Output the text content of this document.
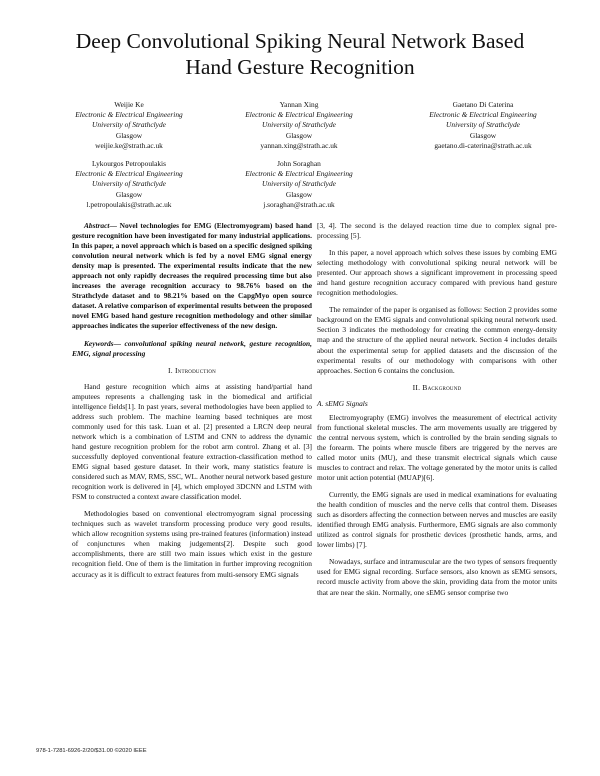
Deep Convolutional Spiking Neural Network Based
Hand Gesture Recognition
Weijie Ke
Electronic & Electrical Engineering
University of Strathclyde
Glasgow
weijie.ke@strath.ac.uk
Yannan Xing
Electronic & Electrical Engineering
University of Strathclyde
Glasgow
yannan.xing@strath.ac.uk
Gaetano Di Caterina
Electronic & Electrical Engineering
University of Strathclyde
Glasgow
gaetano.di-caterina@strath.ac.uk
Lykourgos Petropoulakis
Electronic & Electrical Engineering
University of Strathclyde
Glasgow
l.petropoulakis@strath.ac.uk
John Soraghan
Electronic & Electrical Engineering
University of Strathclyde
Glasgow
j.soraghan@strath.ac.uk

Abstract— Novel technologies for EMG (Electromyogram) based hand gesture recognition have been investigated for many industrial applications. In this paper, a novel approach which is based on a specific designed spiking convolution neural network which is fed by a novel EMG signal energy density map is presented. The experimental results indicate that the new approach not only rapidly decreases the required processing time but also increases the average recognition accuracy to 98.76% based on the Strathclyde dataset and to 98.21% based on the CapgMyo open source dataset. A relative comparison of experimental results between the proposed novel EMG based hand gesture recognition methodology and other similar approaches indicates the superior effectiveness of the new design.

Keywords— convolutional spiking neural network, gesture recognition, EMG, signal processing

I. Introduction

Hand gesture recognition which aims at assisting hand/partial hand amputees represents a challenging task in the biomedical and artificial intelligence fields[1]. In past years, several methodologies have been applied to address such problem. The machine learning based techniques are most commonly used for this task. Luan et al. [2] presented a LRCN deep neural network which is a combination of LSTM and CNN to address the dynamic hand gesture recognition problem for the robot arm control. Zhang et al. [3] successfully deployed conventional feature extraction-classification method to EMG signal based gesture dataset. In their work, many statistics feature is considered such as MAV, RMS, SSC, WL. Another neural network based gesture recognition work is delivered in [4], which employed 3DCNN and LSTM with FSM to constructed a context aware classification model.

Methodologies based on conventional electromyogram signal processing techniques such as wavelet transform processing produce very good results, which allow recognition systems using pre-trained features (information) instead of conjunctures when making judgements[2]. Despite such good accomplishments, there are still two main issues which exist in the gesture recognition field. One of them is the limitation in further improving recognition accuracy as it is difficult to extract features from multi-sensory EMG signals

[3, 4]. The second is the delayed reaction time due to complex signal pre-processing [5].

In this paper, a novel approach which solves these issues by combing EMG selecting methodology with convolutional spiking neural network will be presented. Our approach shows a significant improvement in processing speed and hand gesture recognition accuracy compared with previous hand gesture recognition methodologies.

The remainder of the paper is organised as follows: Section 2 provides some background on the EMG signals and convolutional spiking neural network used. Section 3 indicates the methodology for creating the common energy-density map and the structure of the applied neural network. Section 4 includes details about the experimental setup for applied datasets and the discussion of the experimental results of our methodology with comparisons with other approaches. Section 6 contains the conclusion.

II. Background
A. sEMG Signals

Electromyography (EMG) involves the measurement of electrical activity from functional skeletal muscles. The arm movements usually are triggered by the central nervous system, which is controlled by the brain sending signals to the forearm. The points where muscle fibers are triggered by the nerves are called motor units (MU), and these transmit electrical signals which cause muscles to contract and relax. The voltage generated by the motor units is called motor unit action potential (MUAP)[6].

Currently, the EMG signals are used in medical examinations for evaluating the health condition of muscles and the nerve cells that control them. Diseases such as disorders affecting the connection between nerves and muscles are easily identified through EMG analysis. Furthermore, EMG signals are also commonly utilized as control signals for prosthetic devices (prosthetic hands, arms, and lower limbs) [7].

Nowadays, surface and intramuscular are the two types of sensors frequently used for EMG signal recording. Surface sensors, also known as sEMG sensors, record muscle activity from above the skin, providing data from the motor units that are near the skin. Normally, one sEMG sensor comprise two

978-1-7281-6926-2/20/$31.00 ©2020 IEEE
